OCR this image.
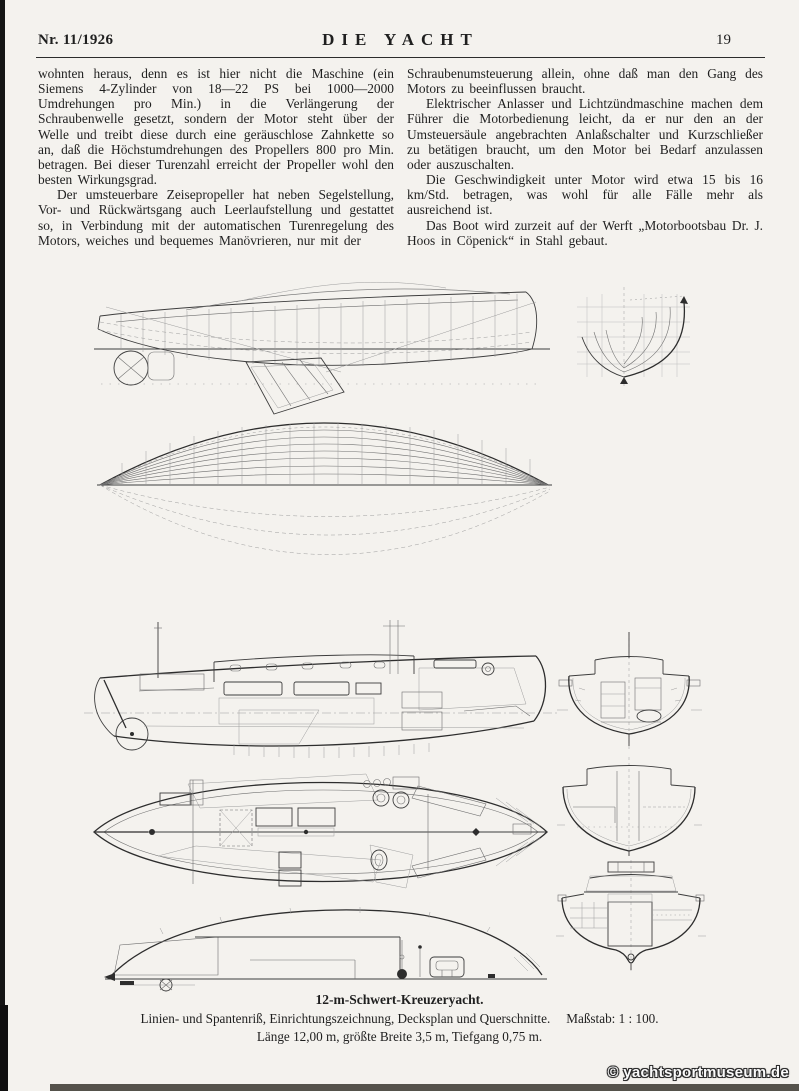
Nr. 11/1926	DIE YACHT	19

wohnten heraus, denn es ist hier nicht die Maschine (ein Siemens 4-Zylinder von 18—22 PS bei 1000—2000 Umdrehungen pro Min.) in die Verlängerung der Schraubenwelle gesetzt, sondern der Motor steht über der Welle und treibt diese durch eine geräuschlose Zahnkette so an, daß die Höchstumdrehungen des Propellers 800 pro Min. betragen. Bei dieser Turenzahl erreicht der Propeller wohl den besten Wirkungsgrad.

Der umsteuerbare Zeisepropeller hat neben Segelstellung, Vor- und Rückwärtsgang auch Leerlaufstellung und gestattet so, in Verbindung mit der automatischen Turenregelung des Motors, weiches und bequemes Manövrieren, nur mit der

Schraubenumsteuerung allein, ohne daß man den Gang des Motors zu beeinflussen braucht.

Elektrischer Anlasser und Lichtzündmaschine machen dem Führer die Motorbedienung leicht, da er nur den an der Umsteuersäule angebrachten Anlaßschalter und Kurzschließer zu betätigen braucht, um den Motor bei Bedarf anzulassen oder auszuschalten.

Die Geschwindigkeit unter Motor wird etwa 15 bis 16 km/Std. betragen, was wohl für alle Fälle mehr als ausreichend ist.

Das Boot wird zurzeit auf der Werft „Motorbootsbau Dr. J. Hoos in Cöpenick“ in Stahl gebaut.

12-m-Schwert-Kreuzeryacht.

Linien- und Spantenriß, Einrichtungszeichnung, Decksplan und Querschnitte. Maßstab: 1 : 100.

Länge 12,00 m, größte Breite 3,5 m, Tiefgang 0,75 m.

© yachtsportmuseum.de
